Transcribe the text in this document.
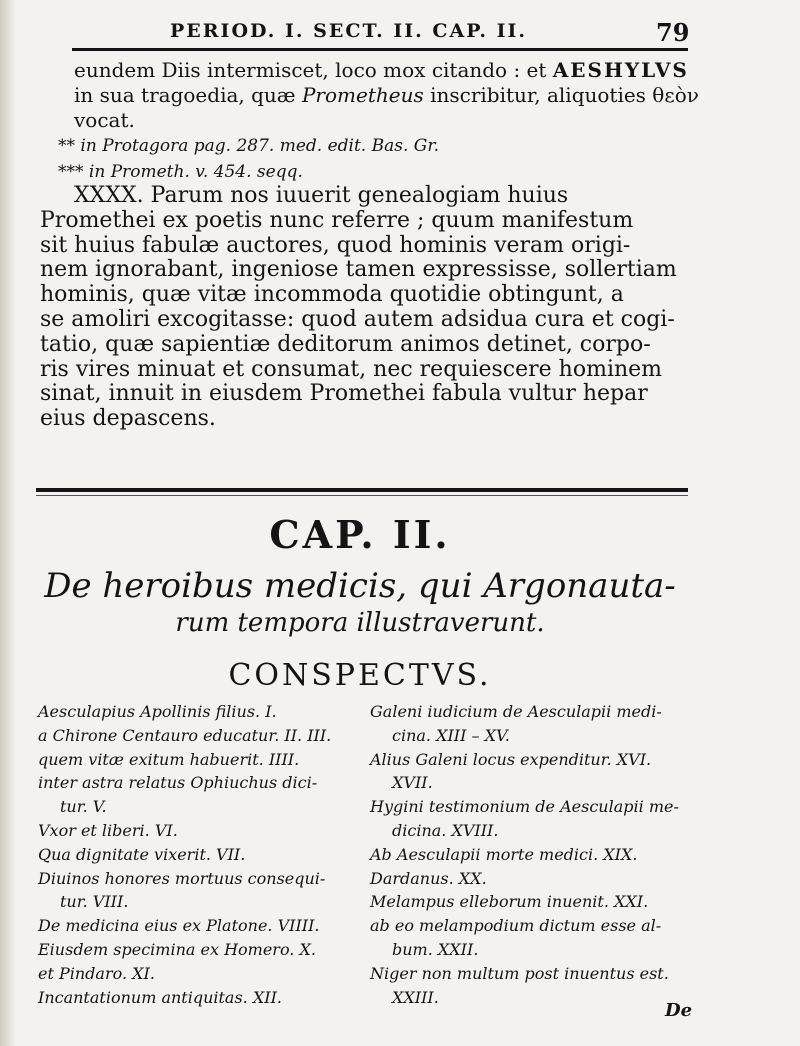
PERIOD. I. SECT. II. CAP. II.	79
eundem Diis intermiscet, loco mox citando : et AESHYLVS
in sua tragoedia, quæ Prometheus inscribitur, aliquoties θεὸν
vocat.
** in Protagora pag. 287. med. edit. Bas. Gr.
*** in Prometh. v. 454. seqq.
XXXX. Parum nos iuuerit genealogiam huius
Promethei ex poetis nunc referre ; quum manifestum
sit huius fabulæ auctores, quod hominis veram origi-
nem ignorabant, ingeniose tamen expressisse, sollertiam
hominis, quæ vitæ incommoda quotidie obtingunt, a
se amoliri excogitasse: quod autem adsidua cura et cogi-
tatio, quæ sapientiæ deditorum animos detinet, corpo-
ris vires minuat et consumat, nec requiescere hominem
sinat, innuit in eiusdem Promethei fabula vultur hepar
eius depascens.
CAP. II.
De heroibus medicis, qui Argonauta-
rum tempora illustraverunt.
CONSPECTVS.
Aesculapius Apollinis filius. I.
a Chirone Centauro educatur. II. III.
quem vitæ exitum habuerit. IIII.
inter astra relatus Ophiuchus dici-
tur. V.
Vxor et liberi. VI.
Qua dignitate vixerit. VII.
Diuinos honores mortuus consequi-
tur. VIII.
De medicina eius ex Platone. VIIII.
Eiusdem specimina ex Homero. X.
et Pindaro. XI.
Incantationum antiquitas. XII.
Galeni iudicium de Aesculapii medi-
cina. XIII – XV.
Alius Galeni locus expenditur. XVI.
XVII.
Hygini testimonium de Aesculapii me-
dicina. XVIII.
Ab Aesculapii morte medici. XIX.
Dardanus. XX.
Melampus elleborum inuenit. XXI.
ab eo melampodium dictum esse al-
bum. XXII.
Niger non multum post inuentus est.
XXIII.
De
